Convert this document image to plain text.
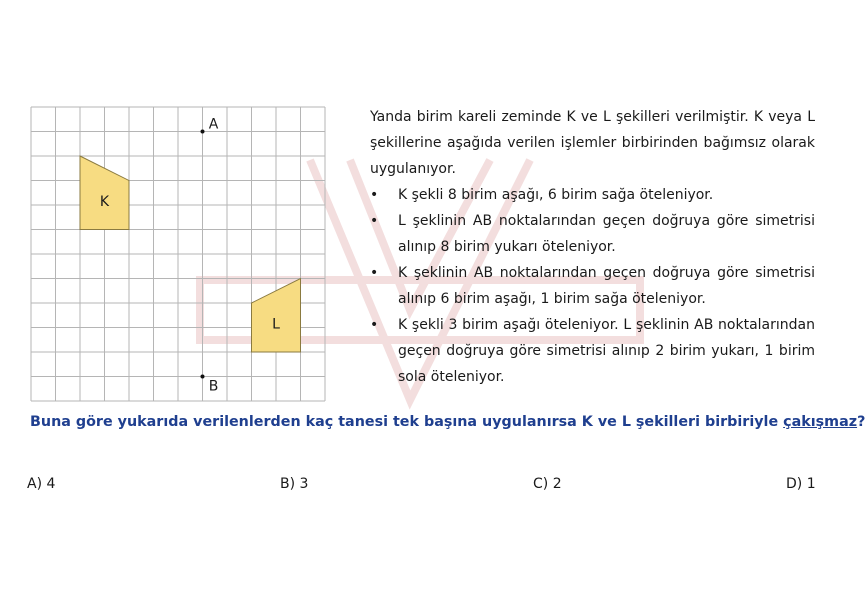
A
B
K
L

Yanda birim kareli zeminde K ve L şekilleri verilmiştir. K veya L şekillerine aşağıda verilen işlemler birbirinden bağımsız olarak uygulanıyor.

• K şekli 8 birim aşağı, 6 birim sağa öteleniyor.
• L şeklinin AB noktalarından geçen doğruya göre simetrisi alınıp 8 birim yukarı öteleniyor.
• K şeklinin AB noktalarından geçen doğruya göre simetrisi alınıp 6 birim aşağı, 1 birim sağa öteleniyor.
• K şekli 3 birim aşağı öteleniyor. L şeklinin AB noktalarından geçen doğruya göre simetrisi alınıp 2 birim yukarı, 1 birim sola öteleniyor.

Buna göre yukarıda verilenlerden kaç tanesi tek başına uygulanırsa K ve L şekilleri birbiriyle çakışmaz?

A) 4	B) 3	C) 2	D) 1
